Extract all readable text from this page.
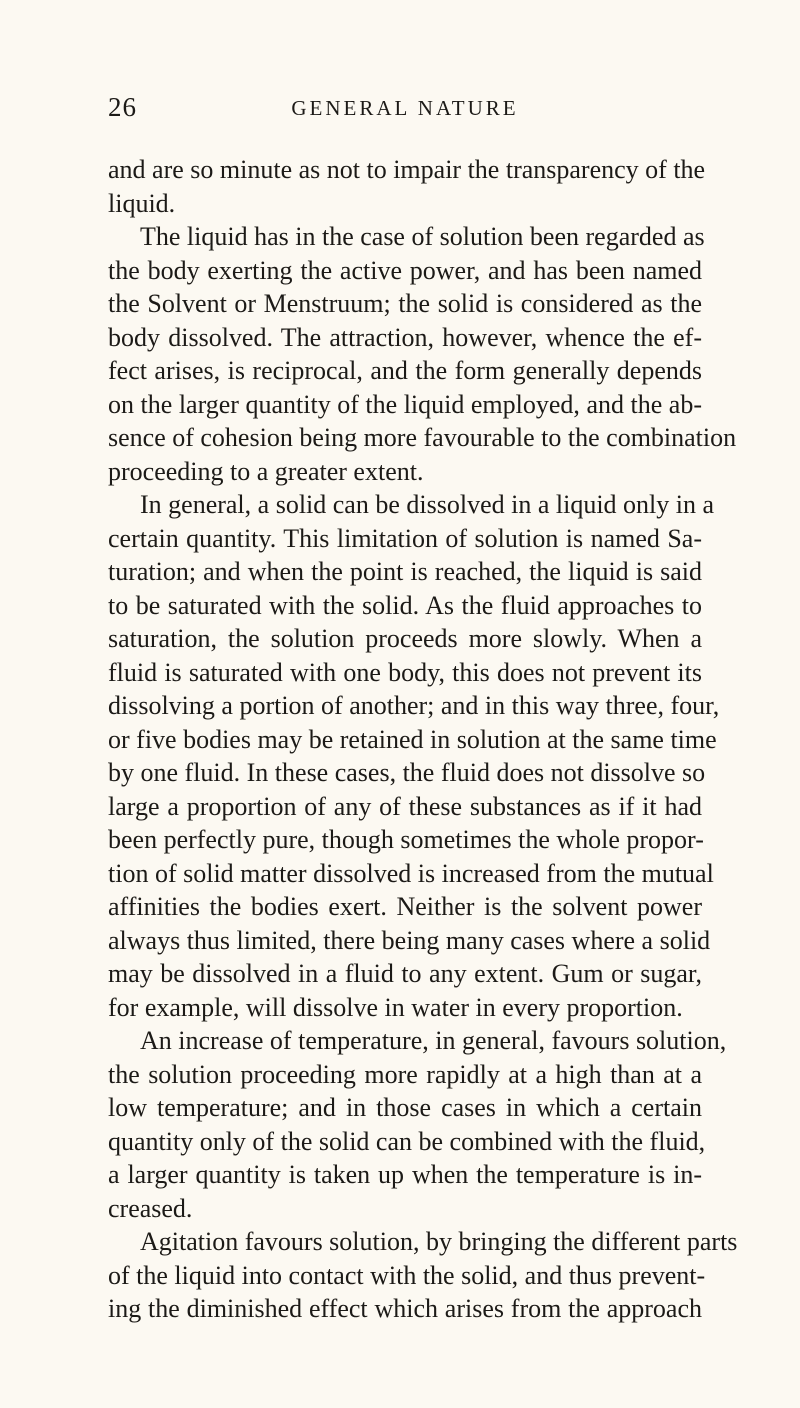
26	GENERAL NATURE
and are so minute as not to impair the transparency of the
liquid.
The liquid has in the case of solution been regarded as
the body exerting the active power, and has been named
the Solvent or Menstruum; the solid is considered as the
body dissolved. The attraction, however, whence the ef-
fect arises, is reciprocal, and the form generally depends
on the larger quantity of the liquid employed, and the ab-
sence of cohesion being more favourable to the combination
proceeding to a greater extent.
In general, a solid can be dissolved in a liquid only in a
certain quantity. This limitation of solution is named Sa-
turation; and when the point is reached, the liquid is said
to be saturated with the solid. As the fluid approaches to
saturation, the solution proceeds more slowly. When a
fluid is saturated with one body, this does not prevent its
dissolving a portion of another; and in this way three, four,
or five bodies may be retained in solution at the same time
by one fluid. In these cases, the fluid does not dissolve so
large a proportion of any of these substances as if it had
been perfectly pure, though sometimes the whole propor-
tion of solid matter dissolved is increased from the mutual
affinities the bodies exert. Neither is the solvent power
always thus limited, there being many cases where a solid
may be dissolved in a fluid to any extent. Gum or sugar,
for example, will dissolve in water in every proportion.
An increase of temperature, in general, favours solution,
the solution proceeding more rapidly at a high than at a
low temperature; and in those cases in which a certain
quantity only of the solid can be combined with the fluid,
a larger quantity is taken up when the temperature is in-
creased.
Agitation favours solution, by bringing the different parts
of the liquid into contact with the solid, and thus prevent-
ing the diminished effect which arises from the approach
